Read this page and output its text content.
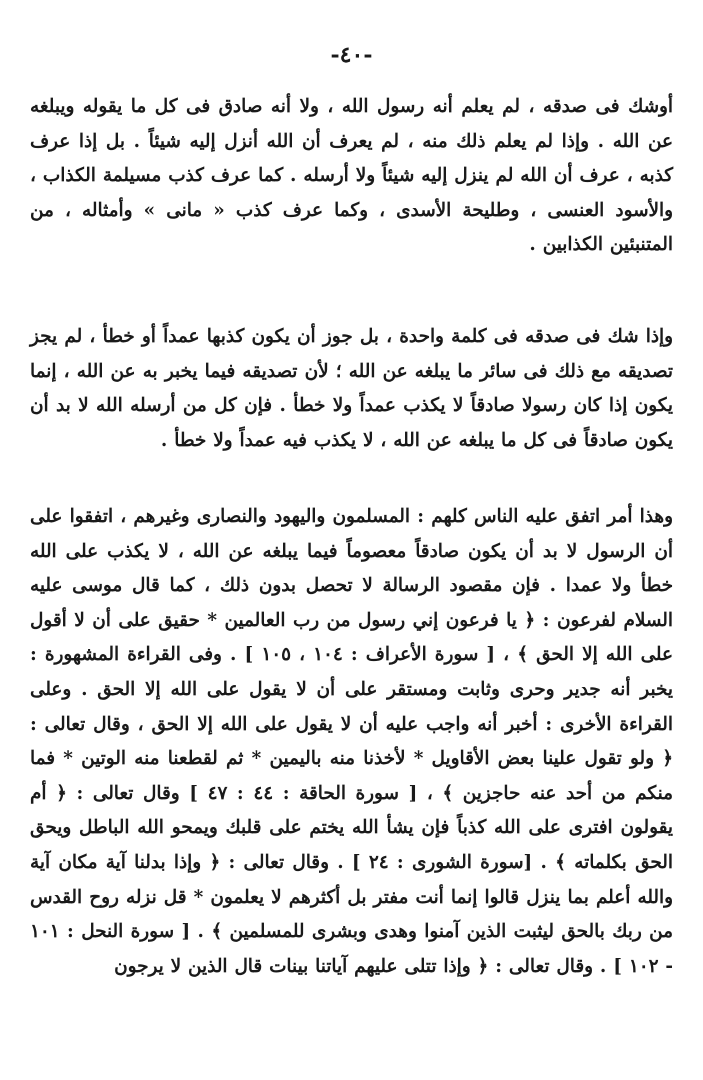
-٤٠-
أوشك فى صدقه ، لم يعلم أنه رسول الله ، ولا أنه صادق فى كل ما يقوله ويبلغه عن الله . وإذا لم يعلم ذلك منه ، لم يعرف أن الله أنزل إليه شيئاً . بل إذا عرف كذبه ، عرف أن الله لم ينزل إليه شيئاً ولا أرسله . كما عرف كذب مسيلمة الكذاب ، والأسود العنسى ، وطليحة الأسدى ، وكما عرف كذب « مانى » وأمثاله ، من المتنبئين الكذابين .
وإذا شك فى صدقه فى كلمة واحدة ، بل جوز أن يكون كذبها عمداً أو خطأ ، لم يجز تصديقه مع ذلك فى سائر ما يبلغه عن الله ؛ لأن تصديقه فيما يخبر به عن الله ، إنما يكون إذا كان رسولا صادقاً لا يكذب عمداً ولا خطأ . فإن كل من أرسله الله لا بد أن يكون صادقاً فى كل ما يبلغه عن الله ، لا يكذب فيه عمداً ولا خطأ .
وهذا أمر اتفق عليه الناس كلهم : المسلمون واليهود والنصارى وغيرهم ، اتفقوا على أن الرسول لا بد أن يكون صادقاً معصوماً فيما يبلغه عن الله ، لا يكذب على الله خطأ ولا عمدا . فإن مقصود الرسالة لا تحصل بدون ذلك ، كما قال موسى عليه السلام لفرعون : ﴿ يا فرعون إني رسول من رب العالمين * حقيق على أن لا أقول على الله إلا الحق ﴾ ، [ سورة الأعراف : ١٠٤ ، ١٠٥ ] . وفى القراءة المشهورة : يخبر أنه جدير وحرى وثابت ومستقر على أن لا يقول على الله إلا الحق . وعلى القراءة الأخرى : أخبر أنه واجب عليه أن لا يقول على الله إلا الحق ، وقال تعالى : ﴿ ولو تقول علينا بعض الأقاويل * لأخذنا منه باليمين * ثم لقطعنا منه الوتين * فما منكم من أحد عنه حاجزين ﴾ ، [ سورة الحاقة : ٤٤ : ٤٧ ] وقال تعالى : ﴿ أم يقولون افترى على الله كذباً فإن يشأ الله يختم على قلبك ويمحو الله الباطل ويحق الحق بكلماته ﴾ . [سورة الشورى : ٢٤ ] . وقال تعالى : ﴿ وإذا بدلنا آية مكان آية والله أعلم بما ينزل قالوا إنما أنت مفتر بل أكثرهم لا يعلمون * قل نزله روح القدس من ربك بالحق ليثبت الذين آمنوا وهدى وبشرى للمسلمين ﴾ . [ سورة النحل : ١٠١ - ١٠٢ ] . وقال تعالى : ﴿ وإذا تتلى عليهم آياتنا بينات قال الذين لا يرجون
